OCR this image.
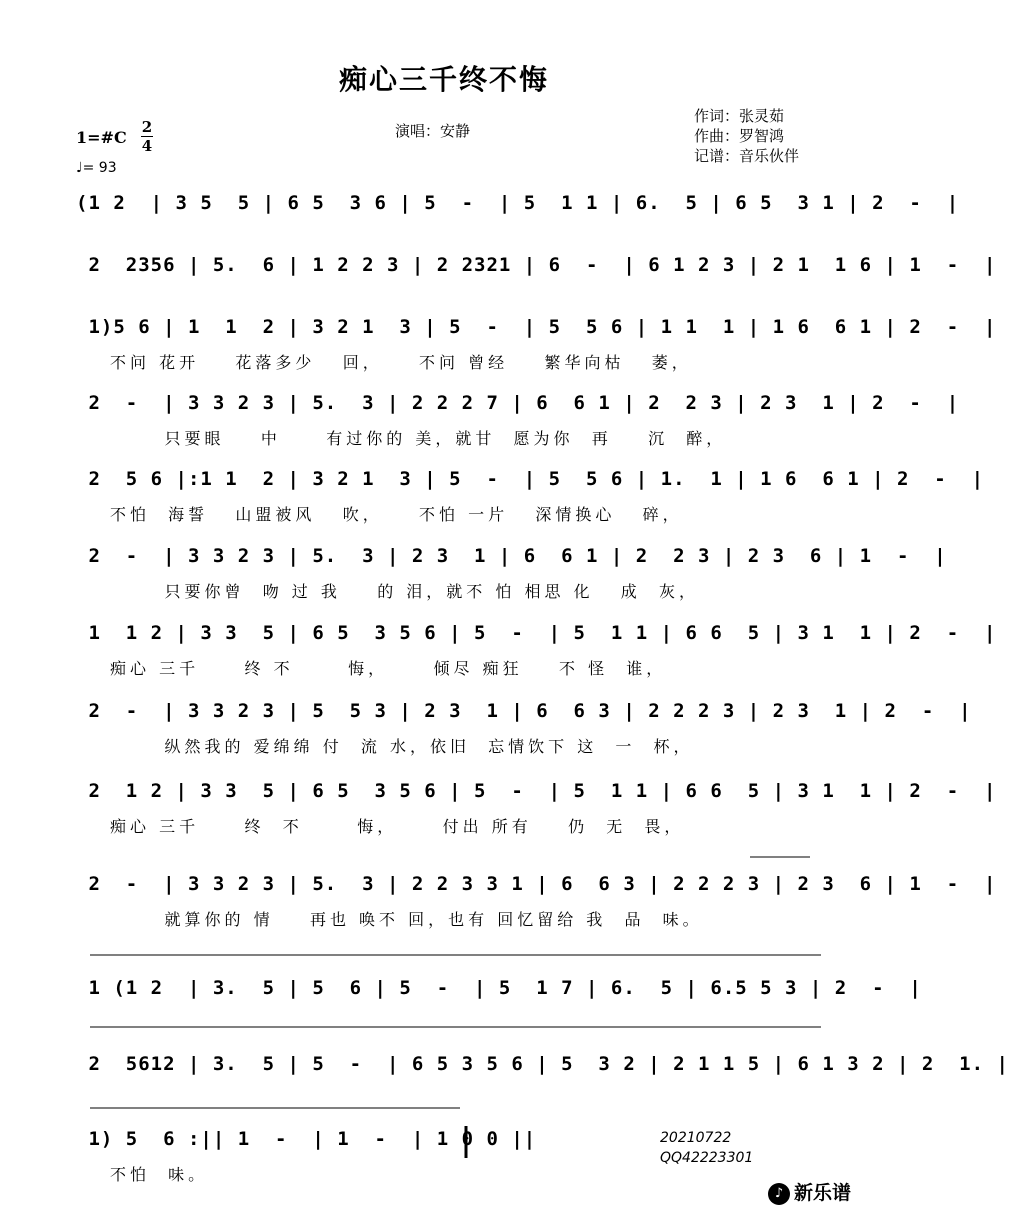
痴心三千终不悔
演唱：安静
作词：张灵茹
作曲：罗智鸿
记谱：音乐伙伴
1=#C
2
4
♩= 93
(1 2  | 3 5  5 | 6 5  3 6 | 5  -  | 5  1 1 | 6.  5 | 6 5  3 1 | 2  -  |
2  2356 | 5.  6 | 1 2 2 3 | 2 2321 | 6  -  | 6 1 2 3 | 2 1  1 6 | 1  -  |
1)5 6 | 1  1  2 | 3 2 1  3 | 5  -  | 5  5 6 | 1 1  1 | 1 6  6 1 | 2  -  |
不问 花开    花落多少   回，    不问 曾经    繁华向枯   萎，
2  -  | 3 3 2 3 | 5.  3 | 2 2 2 7 | 6  6 1 | 2  2 3 | 2 3  1 | 2  -  |
只要眼    中     有过你的 美，就甘  愿为你  再    沉  醉，
2  5 6 |:1 1  2 | 3 2 1  3 | 5  -  | 5  5 6 | 1.  1 | 1 6  6 1 | 2  -  |
不怕  海誓   山盟被风   吹，    不怕 一片   深情换心   碎，
2  -  | 3 3 2 3 | 5.  3 | 2 3  1 | 6  6 1 | 2  2 3 | 2 3  6 | 1  -  |
只要你曾  吻 过 我    的 泪，就不 怕 相思 化   成  灰，
1  1 2 | 3 3  5 | 6 5  3 5 6 | 5  -  | 5  1 1 | 6 6  5 | 3 1  1 | 2  -  |
痴心 三千     终 不      悔，     倾尽 痴狂    不 怪  谁，
2  -  | 3 3 2 3 | 5  5 3 | 2 3  1 | 6  6 3 | 2 2 2 3 | 2 3  1 | 2  -  |
纵然我的 爱绵绵 付  流 水，依旧  忘情饮下 这  一  杯，
2  1 2 | 3 3  5 | 6 5  3 5 6 | 5  -  | 5  1 1 | 6 6  5 | 3 1  1 | 2  -  |
痴心 三千     终  不      悔，     付出 所有    仍  无  畏，
2  -  | 3 3 2 3 | 5.  3 | 2 2 3 3 1 | 6  6 3 | 2 2 2 3 | 2 3  6 | 1  -  |
就算你的 情    再也 唤不 回，也有 回忆留给 我  品  味。
1 (1 2  | 3.  5 | 5  6 | 5  -  | 5  1 7 | 6.  5 | 6.5 5 3 | 2  -  |
2  5612 | 3.  5 | 5  -  | 6 5 3 5 6 | 5  3 2 | 2 1 1 5 | 6 1 3 2 | 2  1. |
1) 5  6 :|| 1  -  | 1  -  | 1 0 0 ||
不怕  味。
20210722
QQ42223301
♪ 新乐谱
